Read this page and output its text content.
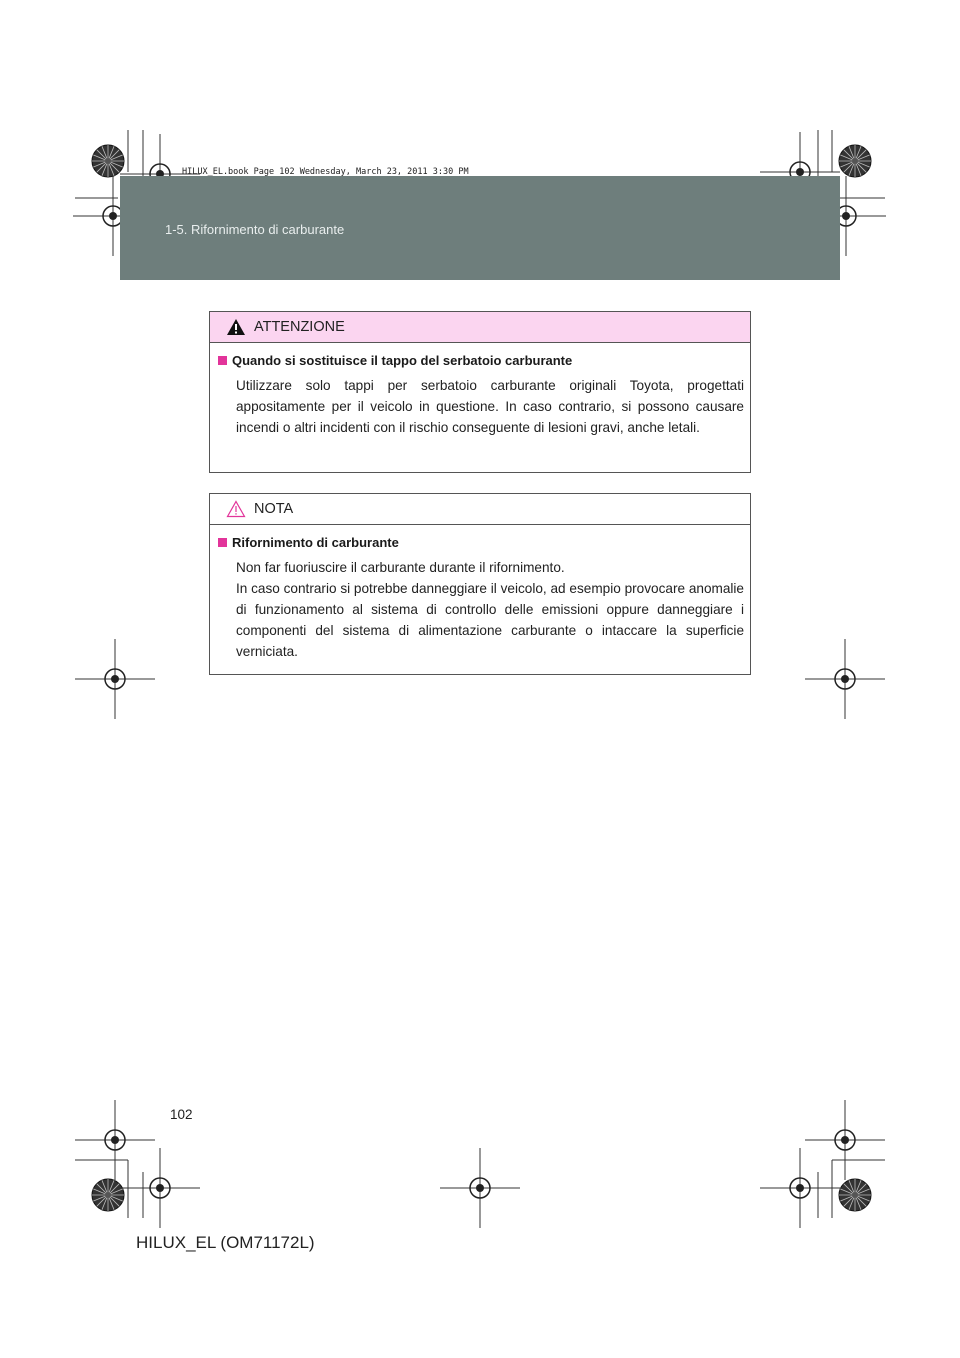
1-5. Rifornimento di carburante
HILUX_EL.book Page 102 Wednesday, March 23, 2011 3:30 PM
ATTENZIONE
Quando si sostituisce il tappo del serbatoio carburante
Utilizzare solo tappi per serbatoio carburante originali Toyota, progettati appositamente per il veicolo in questione. In caso contrario, si possono causare incendi o altri incidenti con il rischio conseguente di lesioni gravi, anche letali.
NOTA
Rifornimento di carburante
Non far fuoriuscire il carburante durante il rifornimento.
In caso contrario si potrebbe danneggiare il veicolo, ad esempio provocare anomalie di funzionamento al sistema di controllo delle emissioni oppure danneggiare i componenti del sistema di alimentazione carburante o intaccare la superficie verniciata.
102
HILUX_EL (OM71172L)
